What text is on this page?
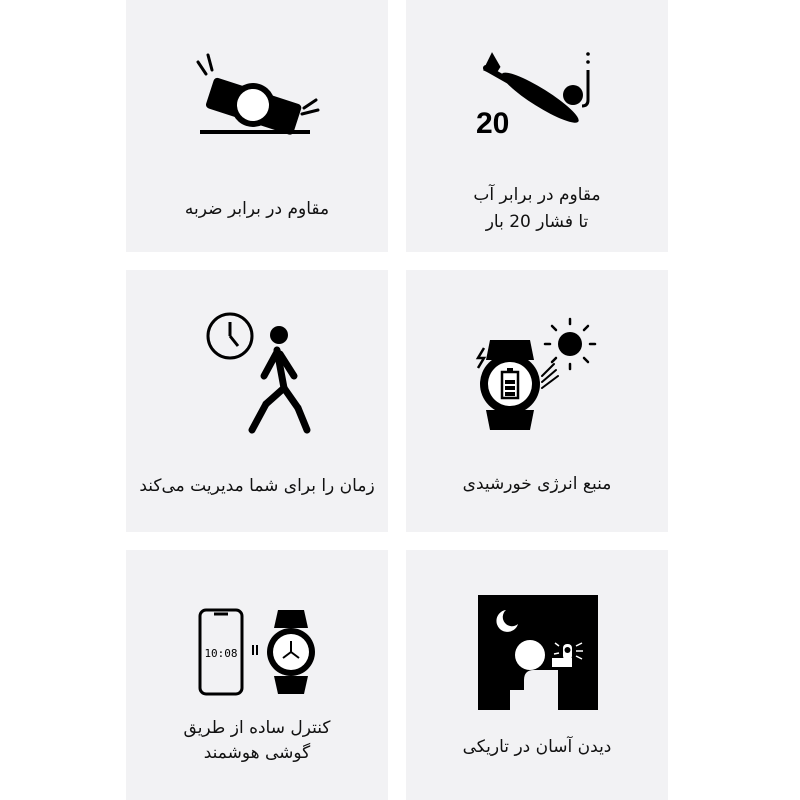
مقاوم در برابر ضربه
20
مقاوم در برابر آب
تا فشار 20 بار
زمان را برای شما مدیریت می‌کند	منبع انرژی خورشیدی
10:08
کنترل ساده از طریق
گوشی هوشمند	دیدن آسان در تاریکی
